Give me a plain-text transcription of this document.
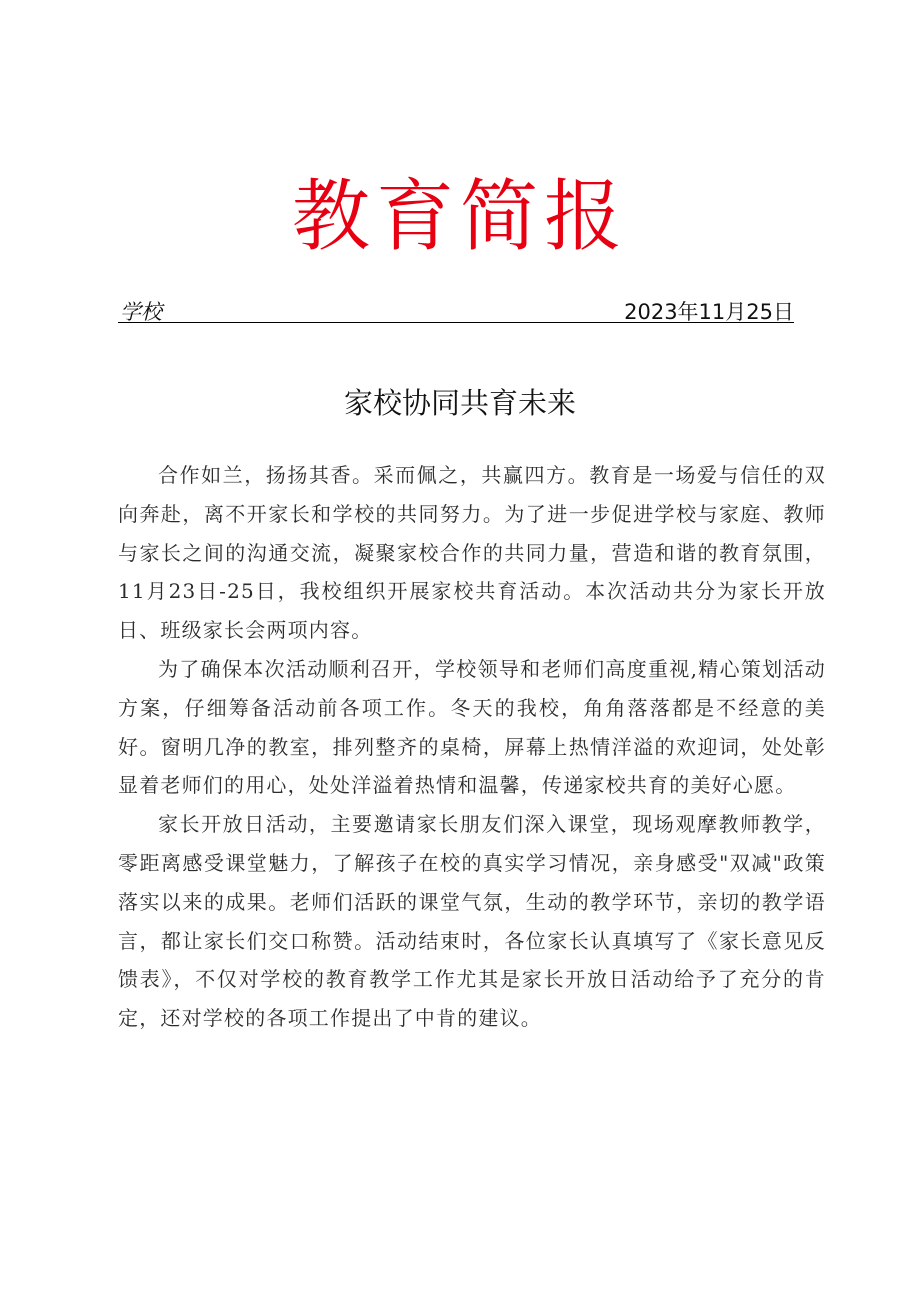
教育简报
学校	2023年11月25日
家校协同共育未来

合作如兰，扬扬其香。采而佩之，共赢四方。教育是一场爱与信任的双向奔赴，离不开家长和学校的共同努力。为了进一步促进学校与家庭、教师与家长之间的沟通交流，凝聚家校合作的共同力量，营造和谐的教育氛围，11月23日-25日，我校组织开展家校共育活动。本次活动共分为家长开放日、班级家长会两项内容。

为了确保本次活动顺利召开，学校领导和老师们高度重视,精心策划活动方案，仔细筹备活动前各项工作。冬天的我校，角角落落都是不经意的美好。窗明几净的教室，排列整齐的桌椅，屏幕上热情洋溢的欢迎词，处处彰显着老师们的用心，处处洋溢着热情和温馨，传递家校共育的美好心愿。

家长开放日活动，主要邀请家长朋友们深入课堂，现场观摩教师教学，零距离感受课堂魅力，了解孩子在校的真实学习情况，亲身感受"双减"政策落实以来的成果。老师们活跃的课堂气氛，生动的教学环节，亲切的教学语言，都让家长们交口称赞。活动结束时，各位家长认真填写了《家长意见反馈表》，不仅对学校的教育教学工作尤其是家长开放日活动给予了充分的肯定，还对学校的各项工作提出了中肯的建议。
